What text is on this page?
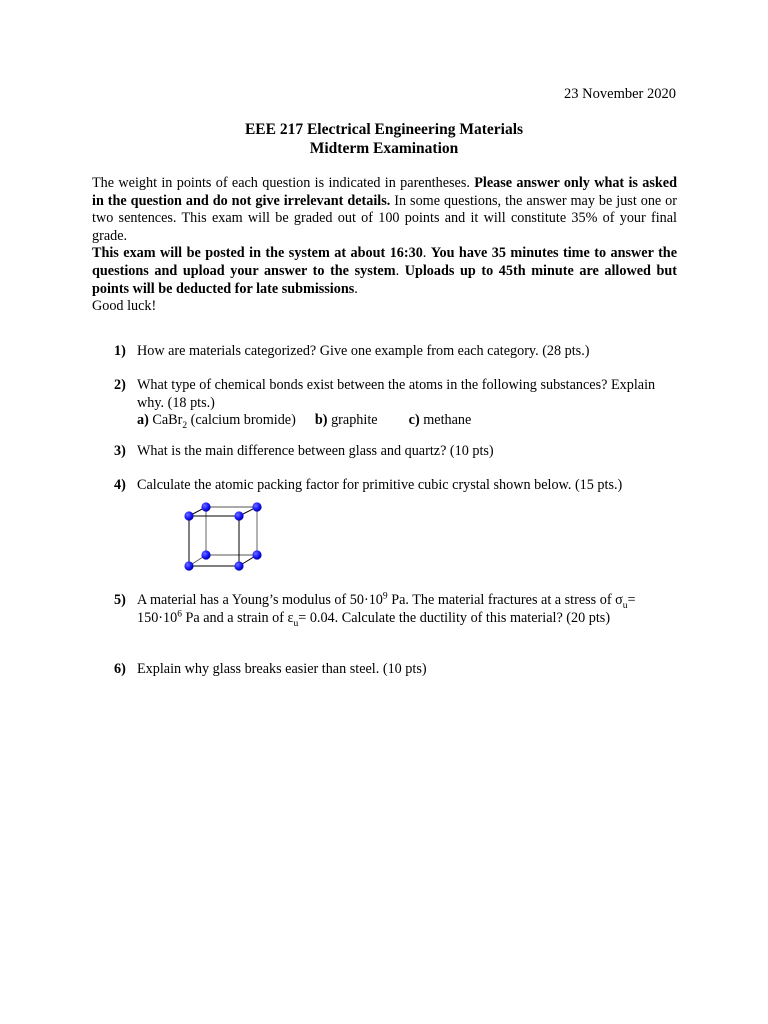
23 November 2020
EEE 217 Electrical Engineering Materials
Midterm Examination

The weight in points of each question is indicated in parentheses. Please answer only what is asked in the question and do not give irrelevant details. In some questions, the answer may be just one or two sentences. This exam will be graded out of 100 points and it will constitute 35% of your final grade.

This exam will be posted in the system at about 16:30. You have 35 minutes time to answer the questions and upload your answer to the system. Uploads up to 45th minute are allowed but points will be deducted for late submissions.

Good luck!

1) How are materials categorized? Give one example from each category. (28 pts.)
2) What type of chemical bonds exist between the atoms in the following substances? Explain why. (18 pts.)
a) CaBr$_2$ (calcium bromide) b) graphite c) methane
3) What is the main difference between glass and quartz? (10 pts)
4) Calculate the atomic packing factor for primitive cubic crystal shown below. (15 pts.)
5) A material has a Young’s modulus of $50\cdot 10^9$ Pa. The material fractures at a stress of $\sigma_u= 150\cdot 10^6$ Pa and a strain of $\varepsilon_u= 0.04$. Calculate the ductility of this material? (20 pts)
6) Explain why glass breaks easier than steel. (10 pts)
